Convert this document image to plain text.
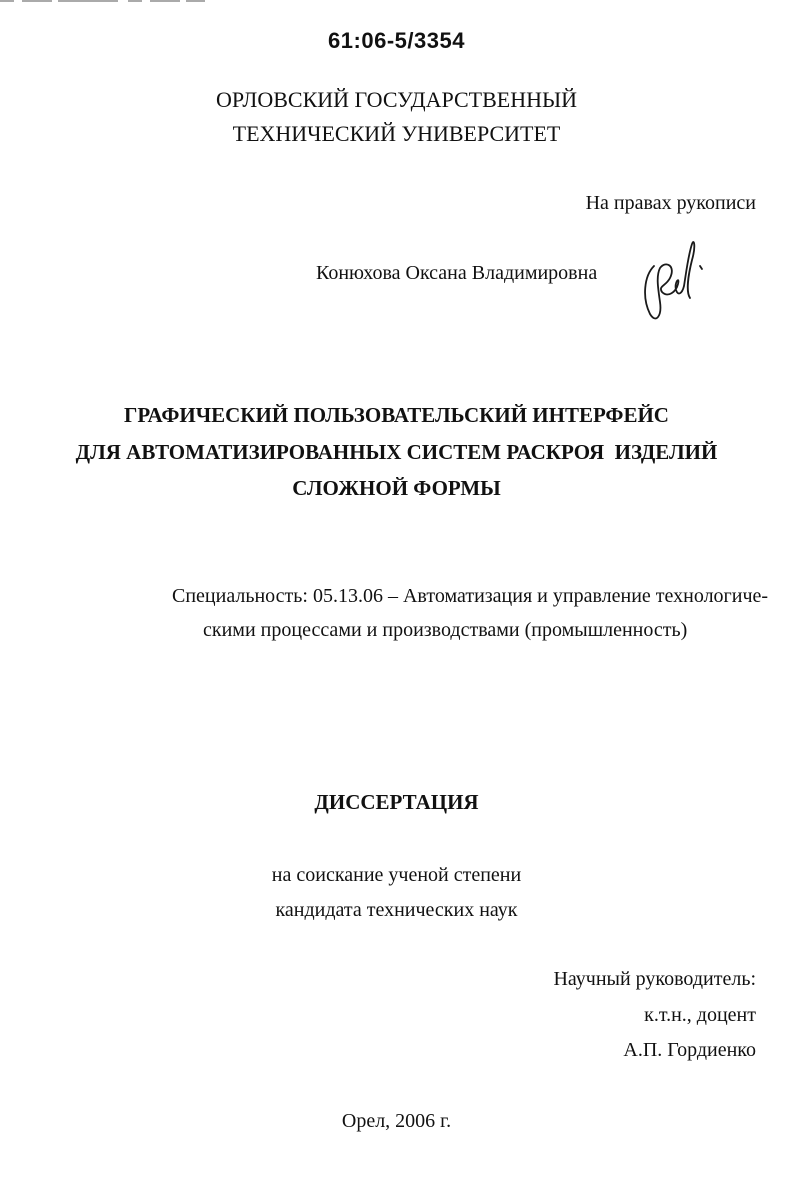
61:06-5/3354
ОРЛОВСКИЙ ГОСУДАРСТВЕННЫЙ
ТЕХНИЧЕСКИЙ УНИВЕРСИТЕТ
На правах рукописи
Конюхова Оксана Владимировна
ГРАФИЧЕСКИЙ ПОЛЬЗОВАТЕЛЬСКИЙ ИНТЕРФЕЙС
ДЛЯ АВТОМАТИЗИРОВАННЫХ СИСТЕМ РАСКРОЯ  ИЗДЕЛИЙ
СЛОЖНОЙ ФОРМЫ
Специальность: 05.13.06 – Автоматизация и управление технологиче-
скими процессами и производствами (промышленность)
ДИССЕРТАЦИЯ
на соискание ученой степени
кандидата технических наук
Научный руководитель:
к.т.н., доцент
А.П. Гордиенко
Орел, 2006 г.
